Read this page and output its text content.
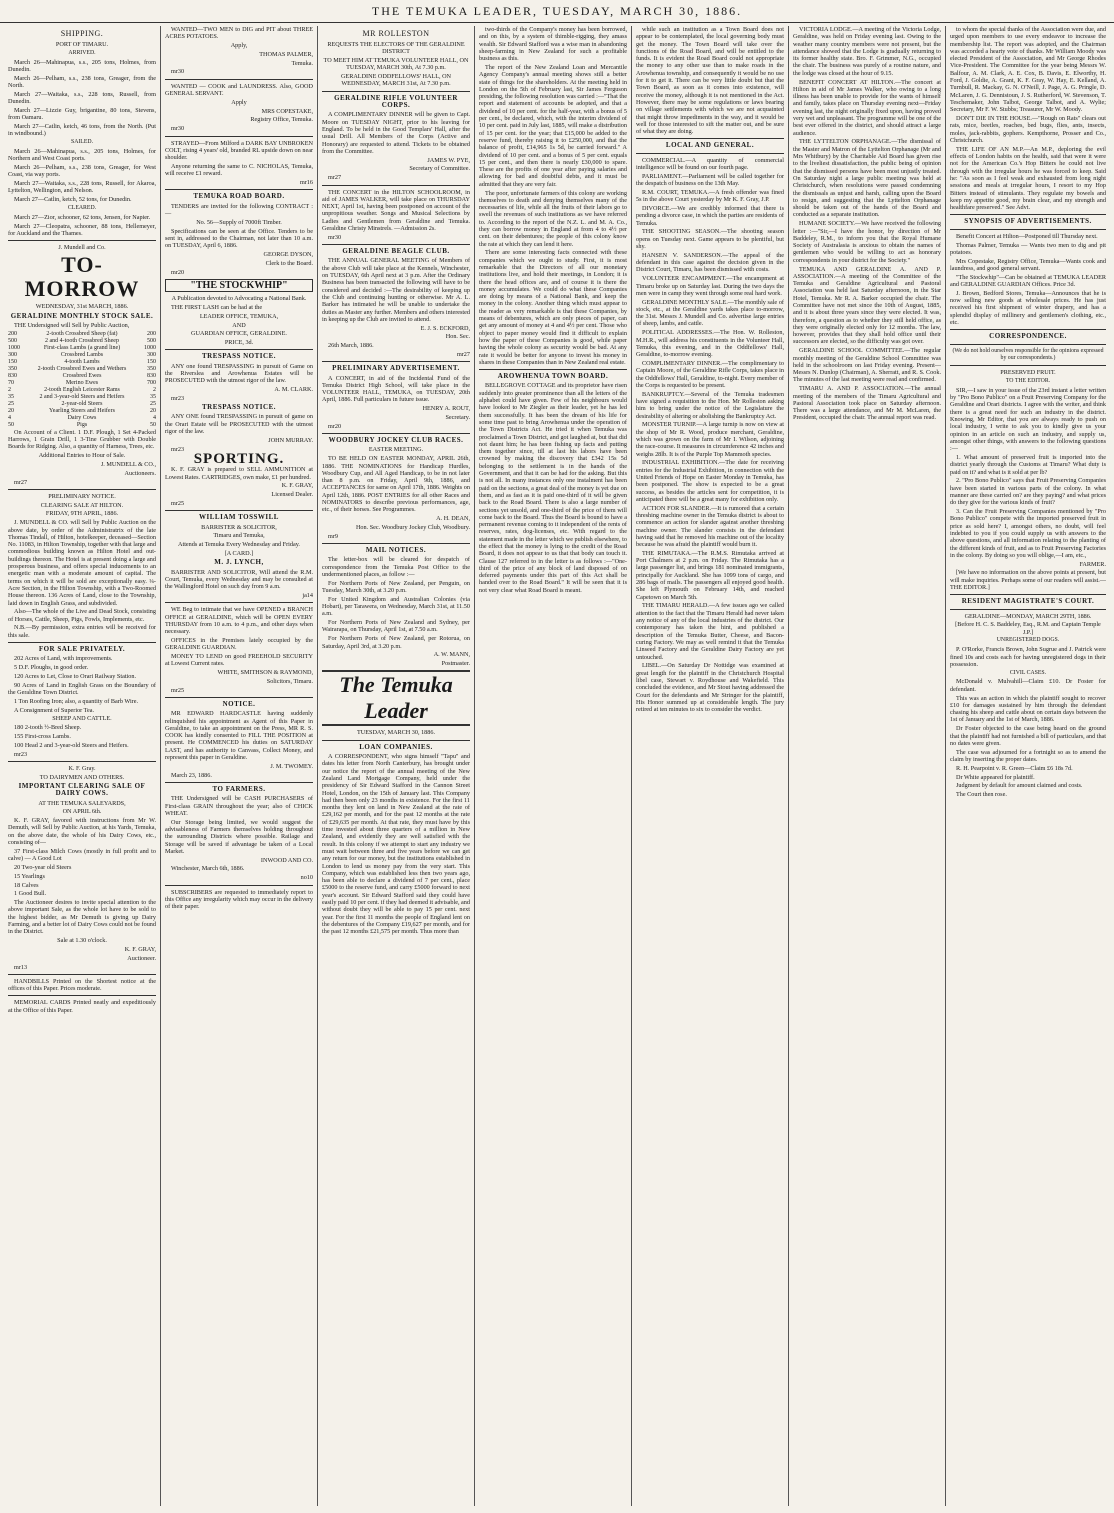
THE TEMUKA LEADER, TUESDAY, MARCH 30, 1886.
SHIPPING.

PORT OF TIMARU.

ARRIVED.

March 26—Mahinapua, s.s., 205 tons, Holmes, from Dunedin.

March 26—Pelham, s.s., 238 tons, Greager, from the North.

March 27—Waitaka, s.s., 228 tons, Russell, from Dunedin.

March 27—Lizzie Guy, brigantine, 80 tons, Stevens, from Oamaru.

March 27—Catlin, ketch, 46 tons, from the North. (Put in windbound.)

SAILED.

March 26—Mahinapua, s.s., 205 tons, Holmes, for Northern and West Coast ports.

March 26—Pelham, s.s., 238 tons, Greager, for West Coast, via way ports.

March 27—Waitaka, s.s., 228 tons, Russell, for Akaroa, Lyttelton, Wellington, and Nelson.

March 27—Catlin, ketch, 52 tons, for Dunedin.

CLEARED.

March 27—Zior, schooner, 62 tons, Jensen, for Napier.

March 27—Cleopatra, schooner, 88 tons, Hellemeyer, for Auckland and the Thames.

J. Mundell and Co.

TO-MORROW

WEDNESDAY, 31st MARCH, 1886.

GERALDINE MONTHLY STOCK SALE.

THE Undersigned will Sell by Public Auction,

200	2-tooth Crossbred Sheep (fat)	200
500	2 and 4-tooth Crossbred Sheep	500
1000	First-class Lambs (a grand line)	1000
300	Crossbred Lambs	300
150	4-tooth Lambs	150
350	2-tooth Crossbred Ewes and Wethers	350
830	Crossbred Ewes	830
70	Merino Ewes	700
2	2-tooth English Leicester Rams	2
35	2 and 3-year-old Steers and Heifers	35
25	2-year-old Steers	25
20	Yearling Steers and Heifers	20
4	Dairy Cows	4
50	Pigs	50

On Account of a Client. 1 D.F. Plough, 1 Set 4-Packed Harrows, 1 Grain Drill, 1 3-Tine Grubber with Double Boards for Ridging. Also, a quantity of Harness, Trees, etc.

Additional Entries to Hour of Sale.

J. MUNDELL & CO.,

Auctioneers.

mr27

PRELIMINARY NOTICE.

CLEARING SALE AT HILTON.

FRIDAY, 9TH APRIL, 1886.

J. MUNDELL & CO. will Sell by Public Auction on the above date, by order of the Administratrix of the late Thomas Tindall, of Hilton, hotelkeeper, deceased—Section No. 11083, in Hilton Township, together with that large and commodious building known as Hilton Hotel and out-buildings thereon. The Hotel is at present doing a large and prosperous business, and offers special inducements to an energetic man with a moderate amount of capital. The terms on which it will be sold are exceptionally easy. ¼-Acre Section, in the Hilton Township, with a Two-Roomed House thereon. 136 Acres of Land, close to the Township, laid down in English Grass, and subdivided.

Also—The whole of the Live and Dead Stock, consisting of Horses, Cattle, Sheep, Pigs, Fowls, Implements, etc.

N.B.—By permission, extra entries will be received for this sale.

FOR SALE PRIVATELY.

202 Acres of Land, with improvements.

5 D.F. Ploughs, in good order.

120 Acres to Let, Close to Orari Railway Station.

90 Acres of Land in English Grass on the Boundary of the Geraldine Town District.

1 Ton Roofing Iron; also, a quantity of Barb Wire.

A Consignment of Superior Tea.

SHEEP AND CATTLE.

180 2-tooth ½-Bred Sheep.

155 First-cross Lambs.

100 Head 2 and 3-year-old Steers and Heifers.

mr23

K. F. Gray.

TO DAIRYMEN AND OTHERS.

IMPORTANT CLEARING SALE OF DAIRY COWS.

AT THE TEMUKA SALEYARDS,

ON APRIL 6th.

K. F. GRAY, favored with instructions from Mr W. Demuth, will Sell by Public Auction, at his Yards, Temuka, on the above date, the whole of his Dairy Cows, etc., consisting of—

37 First-class Milch Cows (mostly in full profit and to calve) — A Good Lot

20 Two-year old Steers

15 Yearlings

18 Calves

1 Good Bull.

The Auctioneer desires to invite special attention to the above important Sale, as the whole lot have to be sold to the highest bidder, as Mr Demuth is giving up Dairy Farming, and a better lot of Dairy Cows could not be found in the District.

Sale at 1.30 o'clock.

K. F. GRAY,

Auctioneer.

mr13

HANDBILLS Printed on the Shortest notice at the offices of this Paper. Prices moderate.

MEMORIAL CARDS Printed neatly and expeditiously at the Office of this Paper.

WANTED—TWO MEN to DIG and PIT about THREE ACRES POTATOES.

Apply,

THOMAS PALMER,

Temuka.

mr30

WANTED — COOK and LAUNDRESS. Also, GOOD GENERAL SERVANT.

Apply

MRS COPESTAKE,

Registry Office, Temuka.

mr30

STRAYED—From Milford a DARK BAY UNBROKEN COLT, rising 4 years' old, branded RL upside down on near shoulder.

Anyone returning the same to C. NICHOLAS, Temuka, will receive £1 reward.

mr16

TEMUKA ROAD BOARD.

TENDERS are invited for the following CONTRACT :—

No. 56—Supply of 7000ft Timber.

Specifications can be seen at the Office. Tenders to be sent in, addressed to the Chairman, not later than 10 a.m. on TUESDAY, April 6, 1886.

GEORGE DYSON,

Clerk to the Board.

mr20

"THE STOCKWHIP"

A Publication devoted to Advocating a National Bank.

THE FIRST LASH can be had at the

LEADER OFFICE, TEMUKA,

AND

GUARDIAN OFFICE, GERALDINE.

PRICE, 3d.

TRESPASS NOTICE.

ANY one found TRESPASSING in pursuit of Game on the Riverslea and Arowhenua Estates will be PROSECUTED with the utmost rigor of the law.

A. M. CLARK.

mr23

TRESPASS NOTICE.

ANY ONE found TRESPASSING in pursuit of game on the Orari Estate will be PROSECUTED with the utmost rigor of the law.

JOHN MURRAY.

mr23

SPORTING.

K. F. GRAY is prepared to SELL AMMUNITION at Lowest Rates. CARTRIDGES, own make, £1 per hundred.

K. F. GRAY,

Licensed Dealer.

mr25

WILLIAM TOSSWILL

BARRISTER & SOLICITOR,

Timaru and Temuka,

Attends at Temuka Every Wednesday and Friday.

[A CARD.]

M. J. LYNCH,

BARRISTER AND SOLICITOR, Will attend the R.M. Court, Temuka, every Wednesday and may be consulted at the Wallingford Hotel on such day from 9 a.m.

ja14

WE Beg to intimate that we have OPENED a BRANCH OFFICE at GERALDINE, which will be OPEN EVERY THURSDAY from 10 a.m. to 4 p.m., and other days when necessary.

OFFICES in the Premises lately occupied by the GERALDINE GUARDIAN.

MONEY TO LEND on good FREEHOLD SECURITY at Lowest Current rates.

WHITE, SMITHSON & RAYMOND,

Solicitors, Timaru.

mr25

NOTICE.

MR EDWARD HARDCASTLE having suddenly relinquished his appointment as Agent of this Paper in Geraldine, to take an appointment on the Press, MR R. S. COOK has kindly consented to FILL THE POSITION at present. He COMMENCED his duties on SATURDAY LAST, and has authority to Canvass, Collect Money, and represent this paper in Geraldine.

J. M. TWOMEY.

March 23, 1886.

TO FARMERS.

THE Undersigned will be CASH PURCHASERS of First-class GRAIN throughout the year; also of CHICK WHEAT.

Our Storage being limited, we would suggest the advisableness of Farmers themselves holding throughout the surrounding Districts where possible. Railage and Storage will be saved if advantage be taken of a Local Market.

INWOOD AND CO.

Winchester, March 6th, 1886.

no10

SUBSCRIBERS are requested to immediately report to this Office any irregularity which may occur in the delivery of their paper.

MR ROLLESTON

REQUESTS THE ELECTORS OF THE GERALDINE DISTRICT

TO MEET HIM AT TEMUKA VOLUNTEER HALL, ON TUESDAY, MARCH 30th, At 7.30 p.m.

GERALDINE ODDFELLOWS' HALL, ON WEDNESDAY, MARCH 31st, At 7.30 p.m.

GERALDINE RIFLE VOLUNTEER CORPS.

A COMPLIMENTARY DINNER will be given to Capt. Moore on TUESDAY NIGHT, prior to his leaving for England. To be held in the Good Templars' Hall, after the usual Drill. All Members of the Corps (Active and Honorary) are requested to attend. Tickets to be obtained from the Committee.

JAMES W. PYE,

Secretary of Committee.

mr27

THE CONCERT in the HILTON SCHOOLROOM, in aid of JAMES WALKER, will take place on THURSDAY NEXT, April 1st, having been postponed on account of the unpropitious weather. Songs and Musical Selections by Ladies and Gentlemen from Geraldine and Temuka. Geraldine Christy Minstrels. —Admission 2s.

mr30

GERALDINE BEAGLE CLUB.

THE ANNUAL GENERAL MEETING of Members of the above Club will take place at the Kennels, Winchester, on TUESDAY, 6th April next at 3 p.m. After the Ordinary Business has been transacted the following will have to be considered and decided :—The desirability of keeping up the Club and continuing hunting or otherwise. Mr A. L. Barker has intimated he will be unable to undertake the duties as Master any further. Members and others interested in keeping up the Club are invited to attend.

E. J. S. ECKFORD,

Hon. Sec.

26th March, 1886.

mr27

PRELIMINARY ADVERTISEMENT.

A CONCERT, in aid of the Incidental Fund of the Temuka District High School, will take place in the VOLUNTEER HALL, TEMUKA, on TUESDAY, 20th April, 1886. Full particulars in future issue.

HENRY A. ROUT,

Secretary.

mr20

WOODBURY JOCKEY CLUB RACES.

EASTER MEETING.

TO BE HELD ON EASTER MONDAY, APRIL 26th, 1886. THE NOMINATIONS for Handicap Hurdles, Woodbury Cup, and All Aged Handicap, to be in not later than 8 p.m. on Friday, April 9th, 1886, and ACCEPTANCES for same on April 17th, 1886. Weights on April 12th, 1886. POST ENTRIES for all other Races and NOMINATORS to describe previous performances, age, etc., of their horses. See Programmes.

A. H. DEAN,

Hon. Sec. Woodbury Jockey Club, Woodbury.

mr9

MAIL NOTICES.

The letter-box will be cleared for despatch of correspondence from the Temuka Post Office to the undermentioned places, as follow :—

For Northern Ports of New Zealand, per Penguin, on Tuesday, March 30th, at 3.20 p.m.

For United Kingdom and Australian Colonies (via Hobart), per Tarawera, on Wednesday, March 31st, at 11.50 a.m.

For Northern Ports of New Zealand and Sydney, per Wairarapa, on Thursday, April 1st, at 7.50 a.m.

For Northern Ports of New Zealand, per Rotorua, on Saturday, April 3rd, at 3.20 p.m.

A. W. MANN,

Postmaster.

The Temuka Leader

TUESDAY, MARCH 30, 1886.

LOAN COMPANIES.

A CORRESPONDENT, who signs himself "Tapu" and dates his letter from North Canterbury, has brought under our notice the report of the annual meeting of the New Zealand Land Mortgage Company, held under the presidency of Sir Edward Stafford in the Cannon Street Hotel, London, on the 15th of January last. This Company had then been only 23 months in existence. For the first 11 months they lent on land in New Zealand at the rate of £29,162 per month, and for the past 12 months at the rate of £29,635 per month. At that rate, they must have by this time invested about three quarters of a million in New Zealand, and evidently they are well satisfied with the result. In this colony if we attempt to start any industry we must wait between three and five years before we can get any return for our money, but the institutions established in London to lend us money pay from the very start. This Company, which was established less then two years ago, has been able to declare a dividend of 7 per cent., place £5000 to the reserve fund, and carry £5000 forward to next year's account. Sir Edward Stafford said they could have easily paid 10 per cent. if they had deemed it advisable, and without doubt they will be able to pay 15 per cent. next year. For the first 11 months the people of England lent on the debentures of the Company £19,627 per month, and for the past 12 months £21,575 per month. Thus more than

two-thirds of the Company's money has been borrowed, and on this, by a system of thimble-rigging, they amass wealth. Sir Edward Stafford was a wise man in abandoning sheep-farming in New Zealand for such a profitable business as this.

The report of the New Zealand Loan and Mercantile Agency Company's annual meeting shows still a better state of things for the shareholders. At the meeting held in London on the 5th of February last, Sir James Ferguson presiding, the following resolution was carried :—"That the report and statement of accounts be adopted, and that a dividend of 10 per cent. for the half-year, with a bonus of 5 per cent., be declared, which, with the interim dividend of 10 per cent. paid in July last, 1885, will make a distribution of 15 per cent. for the year; that £15,000 be added to the reserve fund, thereby raising it to £250,000, and that the balance of profit, £14,965 1s 5d, be carried forward." A dividend of 10 per cent. and a bonus of 5 per cent. equals 15 per cent., and then there is nearly £30,000 to spare. These are the profits of one year after paying salaries and allowing for bad and doubtful debts, and it must be admitted that they are very fair.

The poor, unfortunate farmers of this colony are working themselves to death and denying themselves many of the necessaries of life, while all the fruits of their labors go to swell the revenues of such institutions as we have referred to. According to the report of the N.Z. L. and M. A. Co., they can borrow money in England at from 4 to 4½ per cent. on their debentures; the people of this colony know the rate at which they can lend it here.

There are some interesting facts connected with these companies which we ought to study. First, it is most remarkable that the Directors of all our monetary institutions live, and hold their meetings, in London; it is there the head offices are, and of course it is there the money accumulates. We could do what these Companies are doing by means of a National Bank, and keep the money in the colony. Another thing which must appear to the reader as very remarkable is that these Companies, by means of debentures, which are only pieces of paper, can get any amount of money at 4 and 4½ per cent. Those who object to paper money would find it difficult to explain how the paper of these Companies is good, while paper having the whole colony as security would be bad. At any rate it would be better for anyone to invest his money in shares in these Companies than in New Zealand real estate.

AROWHENUA TOWN BOARD.

BELLEGROVE COTTAGE and its proprietor have risen suddenly into greater prominence than all the letters of the alphabet could have given. Few of his neighbours would have looked to Mr Ziegler as their leader, yet he has led them successfully. It has been the dream of his life for some time past to bring Arowhenua under the operation of the Town Districts Act. He tried it when Temuka was proclaimed a Town District, and got laughed at, but that did not daunt him; he has been fishing up facts and putting them together since, till at last his labors have been crowned by making the discovery that £342 15s 5d belonging to the settlement is in the hands of the Government, and that it can be had for the asking. But this is not all. In many instances only one instalment has been paid on the sections, a great deal of the money is yet due on them, and as fast as it is paid one-third of it will be given back to the Road Board. There is also a large number of sections yet unsold, and one-third of the price of them will come back to the Board. Thus the Board is bound to have a permanent revenue coming to it independent of the rents of reserves, rates, dog-licenses, etc. With regard to the statement made in the letter which we publish elsewhere, to the effect that the money is lying to the credit of the Road Board, it does not appear to us that that body can touch it. Clause 127 referred to in the letter is as follows :—"One-third of the price of any block of land disposed of on deferred payments under this part of this Act shall be handed over to the Road Board." It will be seen that it is not very clear what Road Board is meant.

while such an institution as a Town Board does not appear to be contemplated, the local governing body must get the money. The Town Board will take over the functions of the Road Board, and will be entitled to the funds. It is evident the Road Board could not appropriate the money to any other use than to make roads in the Arowhenua township, and consequently it would be no use for it to get it. There can be very little doubt but that the Town Board, as soon as it comes into existence, will receive the money, although it is not mentioned in the Act. However, there may be some regulations or laws bearing on village settlements with which we are not acquainted that might throw impediments in the way, and it would be well for those interested to sift the matter out, and be sure of what they are doing.

LOCAL AND GENERAL.

COMMERCIAL.—A quantity of commercial intelligence will be found on our fourth page.

PARLIAMENT.—Parliament will be called together for the despatch of business on the 13th May.

R.M. COURT, TEMUKA.—A fresh offender was fined 5s in the above Court yesterday by Mr K. F. Gray, J.P.

DIVORCE.—We are credibly informed that there is pending a divorce case, in which the parties are residents of Temuka.

THE SHOOTING SEASON.—The shooting season opens on Tuesday next. Game appears to be plentiful, but shy.

HANSEN V. SANDERSON.—The appeal of the defendant in this case against the decision given in the District Court, Timaru, has been dismissed with costs.

VOLUNTEER ENCAMPMENT.—The encampment at Timaru broke up on Saturday last. During the two days the men were in camp they went through some real hard work.

GERALDINE MONTHLY SALE.—The monthly sale of stock, etc., at the Geraldine yards takes place to-morrow, the 31st. Messrs J. Mundell and Co. advertise large entries of sheep, lambs, and cattle.

POLITICAL ADDRESSES.—The Hon. W. Rolleston, M.H.R., will address his constituents in the Volunteer Hall, Temuka, this evening, and in the Oddfellows' Hall, Geraldine, to-morrow evening.

COMPLIMENTARY DINNER.—The complimentary to Captain Moore, of the Geraldine Rifle Corps, takes place in the Oddfellows' Hall, Geraldine, to-night. Every member of the Corps is requested to be present.

BANKRUPTCY.—Several of the Temuka tradesmen have signed a requisition to the Hon. Mr Rolleston asking him to bring under the notice of the Legislature the desirability of altering or abolishing the Bankruptcy Act.

MONSTER TURNIP.—A large turnip is now on view at the shop of Mr R. Wood, produce merchant, Geraldine, which was grown on the farm of Mr I. Wilson, adjoining the race-course. It measures in circumference 42 inches and weighs 28lb. It is of the Purple Top Mammoth species.

INDUSTRIAL EXHIBITION.—The date for receiving entries for the Industrial Exhibition, in connection with the United Friends of Hope on Easter Monday in Temuka, has been postponed. The show is expected to be a great success, as besides the articles sent for competition, it is anticipated there will be a great many for exhibition only.

ACTION FOR SLANDER.—It is rumored that a certain threshing machine owner in the Temuka district is about to commence an action for slander against another threshing machine owner. The slander consists in the defendant having said that he removed his machine out of the locality because he was afraid the plaintiff would burn it.

THE RIMUTAKA.—The R.M.S. Rimutaka arrived at Port Chalmers at 2 p.m. on Friday. The Rimutaka has a large passenger list, and brings 181 nominated immigrants, principally for Auckland. She has 1099 tons of cargo, and 286 bags of mails. The passengers all enjoyed good health. She left Plymouth on February 14th, and reached Capetown on March 5th.

THE TIMARU HERALD.—A few issues ago we called attention to the fact that the Timaru Herald had never taken any notice of any of the local industries of the district. Our contemporary has taken the hint, and published a description of the Temuka Butter, Cheese, and Bacon-curing Factory. We may as well remind it that the Temuka Linseed Factory and the Geraldine Dairy Factory are yet untouched.

LIBEL.—On Saturday Dr Nottidge was examined at great length for the plaintiff in the Christchurch Hospital libel case, Stewart v. Roydhouse and Wakefield. This concluded the evidence, and Mr Stout having addressed the Court for the defendants and Mr Stringer for the plaintiff, His Honor summed up at considerable length. The jury retired at ten minutes to six to consider the verdict.

VICTORIA LODGE.—A meeting of the Victoria Lodge, Geraldine, was held on Friday evening last. Owing to the weather many country members were not present, but the attendance showed that the Lodge is gradually returning to its former healthy state. Bro. F. Grimmer, N.G., occupied the chair. The business was purely of a routine nature, and the lodge was closed at the hour of 9.15.

BENEFIT CONCERT AT HILTON.—The concert at Hilton in aid of Mr James Walker, who owing to a long illness has been unable to provide for the wants of himself and family, takes place on Thursday evening next—Friday evening last, the night originally fixed upon, having proved very wet and unpleasant. The programme will be one of the best ever offered in the district, and should attract a large audience.

THE LYTTELTON ORPHANAGE.—The dismissal of the Master and Matron of the Lyttelton Orphanage (Mr and Mrs Whitbury) by the Charitable Aid Board has given rise to the liveliest dissatisfaction, the public being of opinion that the dismissed persons have been most unjustly treated. On Saturday night a large public meeting was held at Christchurch, when resolutions were passed condemning the dismissals as unjust and harsh, calling upon the Board to resign, and suggesting that the Lyttelton Orphanage should be taken out of the hands of the Board and conducted as a separate institution.

HUMANE SOCIETY.—We have received the following letter :—"Sir,—I have the honor, by direction of Mr Baddeley, R.M., to inform you that the Royal Humane Society of Australasia is anxious to obtain the names of gentlemen who would be willing to act as honorary correspondents in your district for the Society."

TEMUKA AND GERALDINE A. AND P. ASSOCIATION.—A meeting of the Committee of the Temuka and Geraldine Agricultural and Pastoral Association was held last Saturday afternoon, in the Star Hotel, Temuka. Mr R. A. Barker occupied the chair. The Committee have not met since the 10th of August, 1885, and it is about three years since they were elected. It was, therefore, a question as to whether they still held office, as they were originally elected only for 12 months. The law, however, provides that they shall hold office until their successors are elected, so the difficulty was got over.

GERALDINE SCHOOL COMMITTEE.—The regular monthly meeting of the Geraldine School Committee was held in the schoolroom on last Friday evening. Present—Messrs N. Dunlop (Chairman), A. Sherratt, and R. S. Cook. The minutes of the last meeting were read and confirmed.

TIMARU A. AND P. ASSOCIATION.—The annual meeting of the members of the Timaru Agricultural and Pastoral Association took place on Saturday afternoon. There was a large attendance, and Mr M. McLaren, the President, occupied the chair. The annual report was read.

to whom the special thanks of the Association were due, and urged upon members to use every endeavor to increase the membership list. The report was adopted, and the Chairman was accorded a hearty vote of thanks. Mr William Moody was elected President of the Association, and Mr George Rhodes Vice-President. The Committee for the year being Messrs W. Balfour, A. M. Clark, A. E. Cox, B. Davis, E. Elworthy, H. Ford, J. Goldie, A. Grant, K. F. Gray, W. Hay, E. Kelland, A. Turnbull, R. Mackay, G. N. O'Neill, J. Page, A. G. Pringle, D. McLaren, J. G. Dennistoun, J. S. Rutherford, W. Stevenson, T. Teschemaker, John Talbot, George Talbot, and A. Wylie; Secretary, Mr F. W. Stubbs; Treasurer, Mr W. Moody.

DON'T DIE IN THE HOUSE.—"Rough on Rats" clears out rats, mice, beetles, roaches, bed bugs, flies, ants, insects, moles, jack-rabbits, gophers. Kempthorne, Prosser and Co., Christchurch.

THE LIFE OF AN M.P.—An M.P., deploring the evil effects of London habits on the health, said that were it were not for the American Co.'s Hop Bitters he could not live through with the irregular hours he was forced to keep. Said he: "As soon as I feel weak and exhausted from long night sessions and meals at irregular hours, I resort to my Hop Bitters instead of stimulants. They regulate my bowels and keep my appetite good, my brain clear, and my strength and healthfare preserved." See Advt.

SYNOPSIS OF ADVERTISEMENTS.

Benefit Concert at Hilton—Postponed till Thursday next.

Thomas Palmer, Temuka — Wants two men to dig and pit potatoes.

Mrs Copestake, Registry Office, Temuka—Wants cook and laundress, and good general servant.

"The Stockwhip"—Can be obtained at TEMUKA LEADER and GERALDINE GUARDIAN Offices. Price 3d.

J. Brown, Bedford Stores, Temuka—Announces that he is now selling new goods at wholesale prices. He has just received his first shipment of winter drapery, and has a splendid display of millinery and gentlemen's clothing, etc., etc.

CORRESPONDENCE.

(We do not hold ourselves responsible for the opinions expressed by our correspondents.)

PRESERVED FRUIT.

TO THE EDITOR.

SIR,—I saw in your issue of the 23rd instant a letter written by "Pro Bono Publico" on a Fruit Preserving Company for the Geraldine and Orari districts. I agree with the writer, and think there is a great need for such an industry in the district. Knowing, Mr Editor, that you are always ready to push on local industry, I write to ask you to kindly give us your opinion in an article on such an industry, and supply us, amongst other things, with answers to the following questions :—

1. What amount of preserved fruit is imported into the district yearly through the Customs at Timaru? What duty is paid on it? and what is it sold at per lb?

2. "Pro Bono Publico" says that Fruit Preserving Companies have been started in various parts of the colony. In what manner are these carried on? are they paying? and what prices do they give for the various kinds of fruit?

3. Can the Fruit Preserving Companies mentioned by "Pro Bono Publico" compete with the imported preserved fruit in price as sold here? I, amongst others, no doubt, will feel indebted to you if you could supply us with answers to the above questions, and all information relating to the planting of the different kinds of fruit, and as to Fruit Preserving Factories in the colony. By doing so you will oblige,—I am, etc.,

FARMER.

[We have no information on the above points at present, but will make inquiries. Perhaps some of our readers will assist.—THE EDITOR.]

RESIDENT MAGISTRATE'S COURT.

GERALDINE—MONDAY, MARCH 29TH, 1886.

[Before H. C. S. Baddeley, Esq., R.M. and Captain Temple J.P.]

UNREGISTERED DOGS.

P. O'Rorke, Francis Brown, John Sugrue and J. Patrick were fined 10s and costs each for having unregistered dogs in their possession.

CIVIL CASES.

McDonald v. Mulvahill—Claim £10. Dr Foster for defendant.

This was an action in which the plaintiff sought to recover £10 for damages sustained by him through the defendant chasing his sheep and cattle about on certain days between the 1st of January and the 1st of March, 1886.

Dr Foster objected to the case being heard on the ground that the plaintiff had not furnished a bill of particulars, and that no dates were given.

The case was adjourned for a fortnight so as to amend the claim by inserting the proper dates.

R. H. Pearpoint v. R. Green—Claim £6 18s 7d.

Dr White appeared for plaintiff.

Judgment by default for amount claimed and costs.

The Court then rose.
